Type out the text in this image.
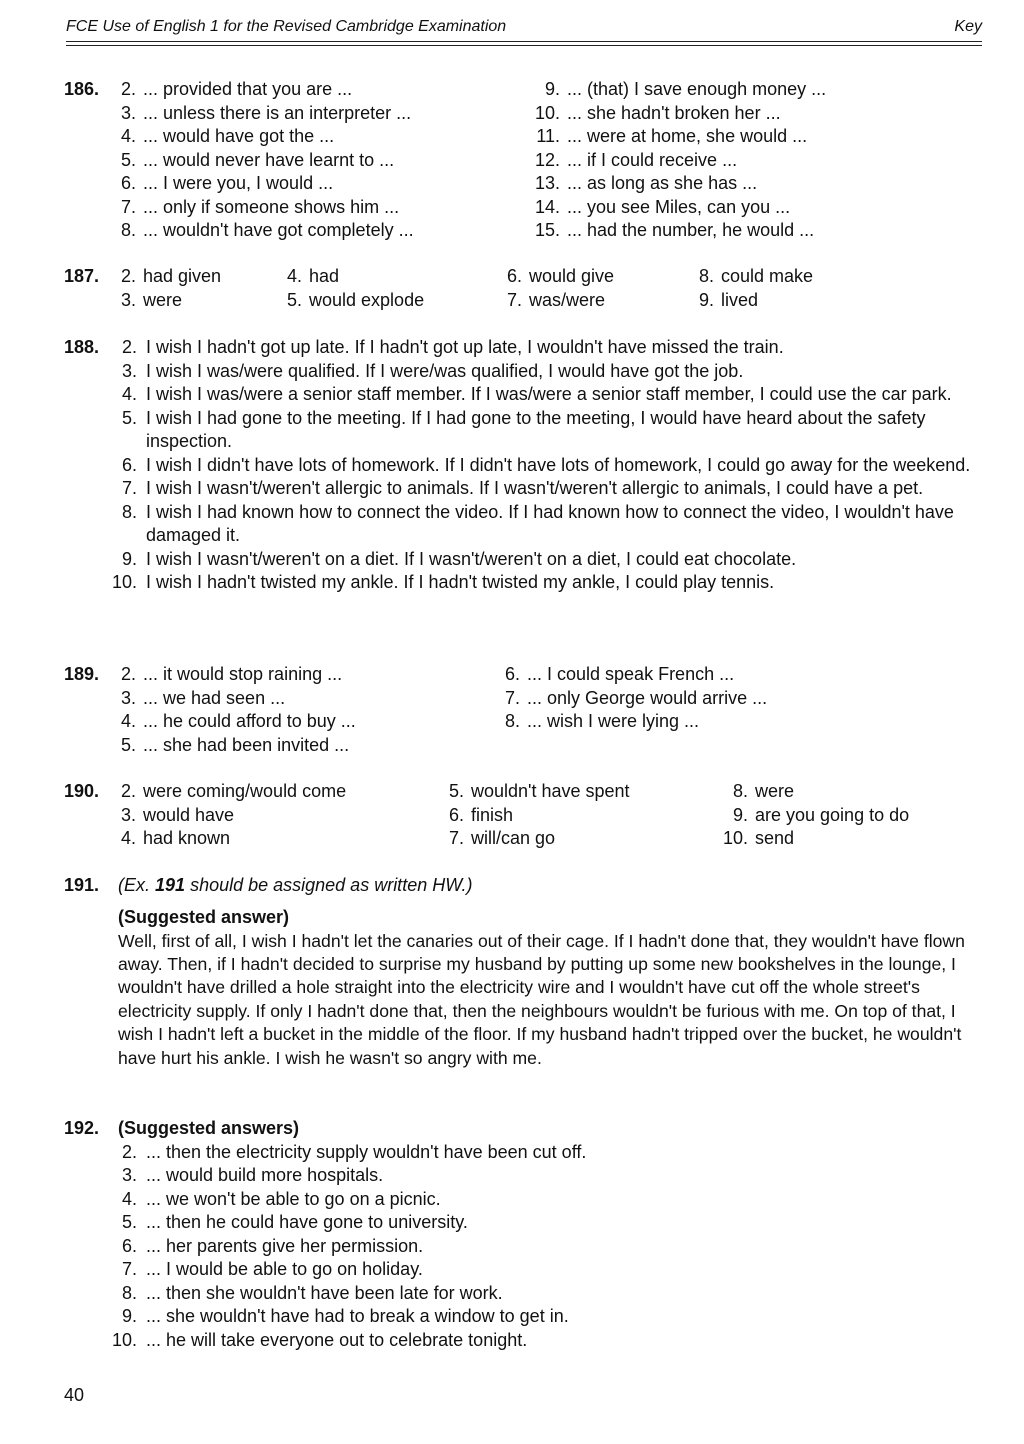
FCE Use of English 1 for the Revised Cambridge Examination	Key
186.	2. ... provided that you are ...
3. ... unless there is an interpreter ...
4. ... would have got the ...
5. ... would never have learnt to ...
6. ... I were you, I would ...
7. ... only if someone shows him ...
8. ... wouldn't have got completely ...
9. ... (that) I save enough money ...
10. ... she hadn't broken her ...
11. ... were at home, she would ...
12. ... if I could receive ...
13. ... as long as she has ...
14. ... you see Miles, can you ...
15. ... had the number, he would ...
187.	2. had given
3. were
4. had
5. would explode
6. would give
7. was/were
8. could make
9. lived
188.	2. I wish I hadn't got up late. If I hadn't got up late, I wouldn't have missed the train.
3. I wish I was/were qualified. If I were/was qualified, I would have got the job.
4. I wish I was/were a senior staff member. If I was/were a senior staff member, I could use the car park.
5. I wish I had gone to the meeting. If I had gone to the meeting, I would have heard about the safety inspection.
6. I wish I didn't have lots of homework. If I didn't have lots of homework, I could go away for the weekend.
7. I wish I wasn't/weren't allergic to animals. If I wasn't/weren't allergic to animals, I could have a pet.
8. I wish I had known how to connect the video. If I had known how to connect the video, I wouldn't have damaged it.
9. I wish I wasn't/weren't on a diet. If I wasn't/weren't on a diet, I could eat chocolate.
10. I wish I hadn't twisted my ankle. If I hadn't twisted my ankle, I could play tennis.
189.	2. ... it would stop raining ...
3. ... we had seen ...
4. ... he could afford to buy ...
5. ... she had been invited ...
6. ... I could speak French ...
7. ... only George would arrive ...
8. ... wish I were lying ...
190.	2. were coming/would come
3. would have
4. had known
5. wouldn't have spent
6. finish
7. will/can go
8. were
9. are you going to do
10. send
191. (Ex. 191 should be assigned as written HW.)
(Suggested answer)
Well, first of all, I wish I hadn't let the canaries out of their cage. If I hadn't done that, they wouldn't have flown away. Then, if I hadn't decided to surprise my husband by putting up some new bookshelves in the lounge, I wouldn't have drilled a hole straight into the electricity wire and I wouldn't have cut off the whole street's electricity supply. If only I hadn't done that, then the neighbours wouldn't be furious with me. On top of that, I wish I hadn't left a bucket in the middle of the floor. If my husband hadn't tripped over the bucket, he wouldn't have hurt his ankle. I wish he wasn't so angry with me.
192. (Suggested answers)
2. ... then the electricity supply wouldn't have been cut off.
3. ... would build more hospitals.
4. ... we won't be able to go on a picnic.
5. ... then he could have gone to university.
6. ... her parents give her permission.
7. ... I would be able to go on holiday.
8. ... then she wouldn't have been late for work.
9. ... she wouldn't have had to break a window to get in.
10. ... he will take everyone out to celebrate tonight.
40
